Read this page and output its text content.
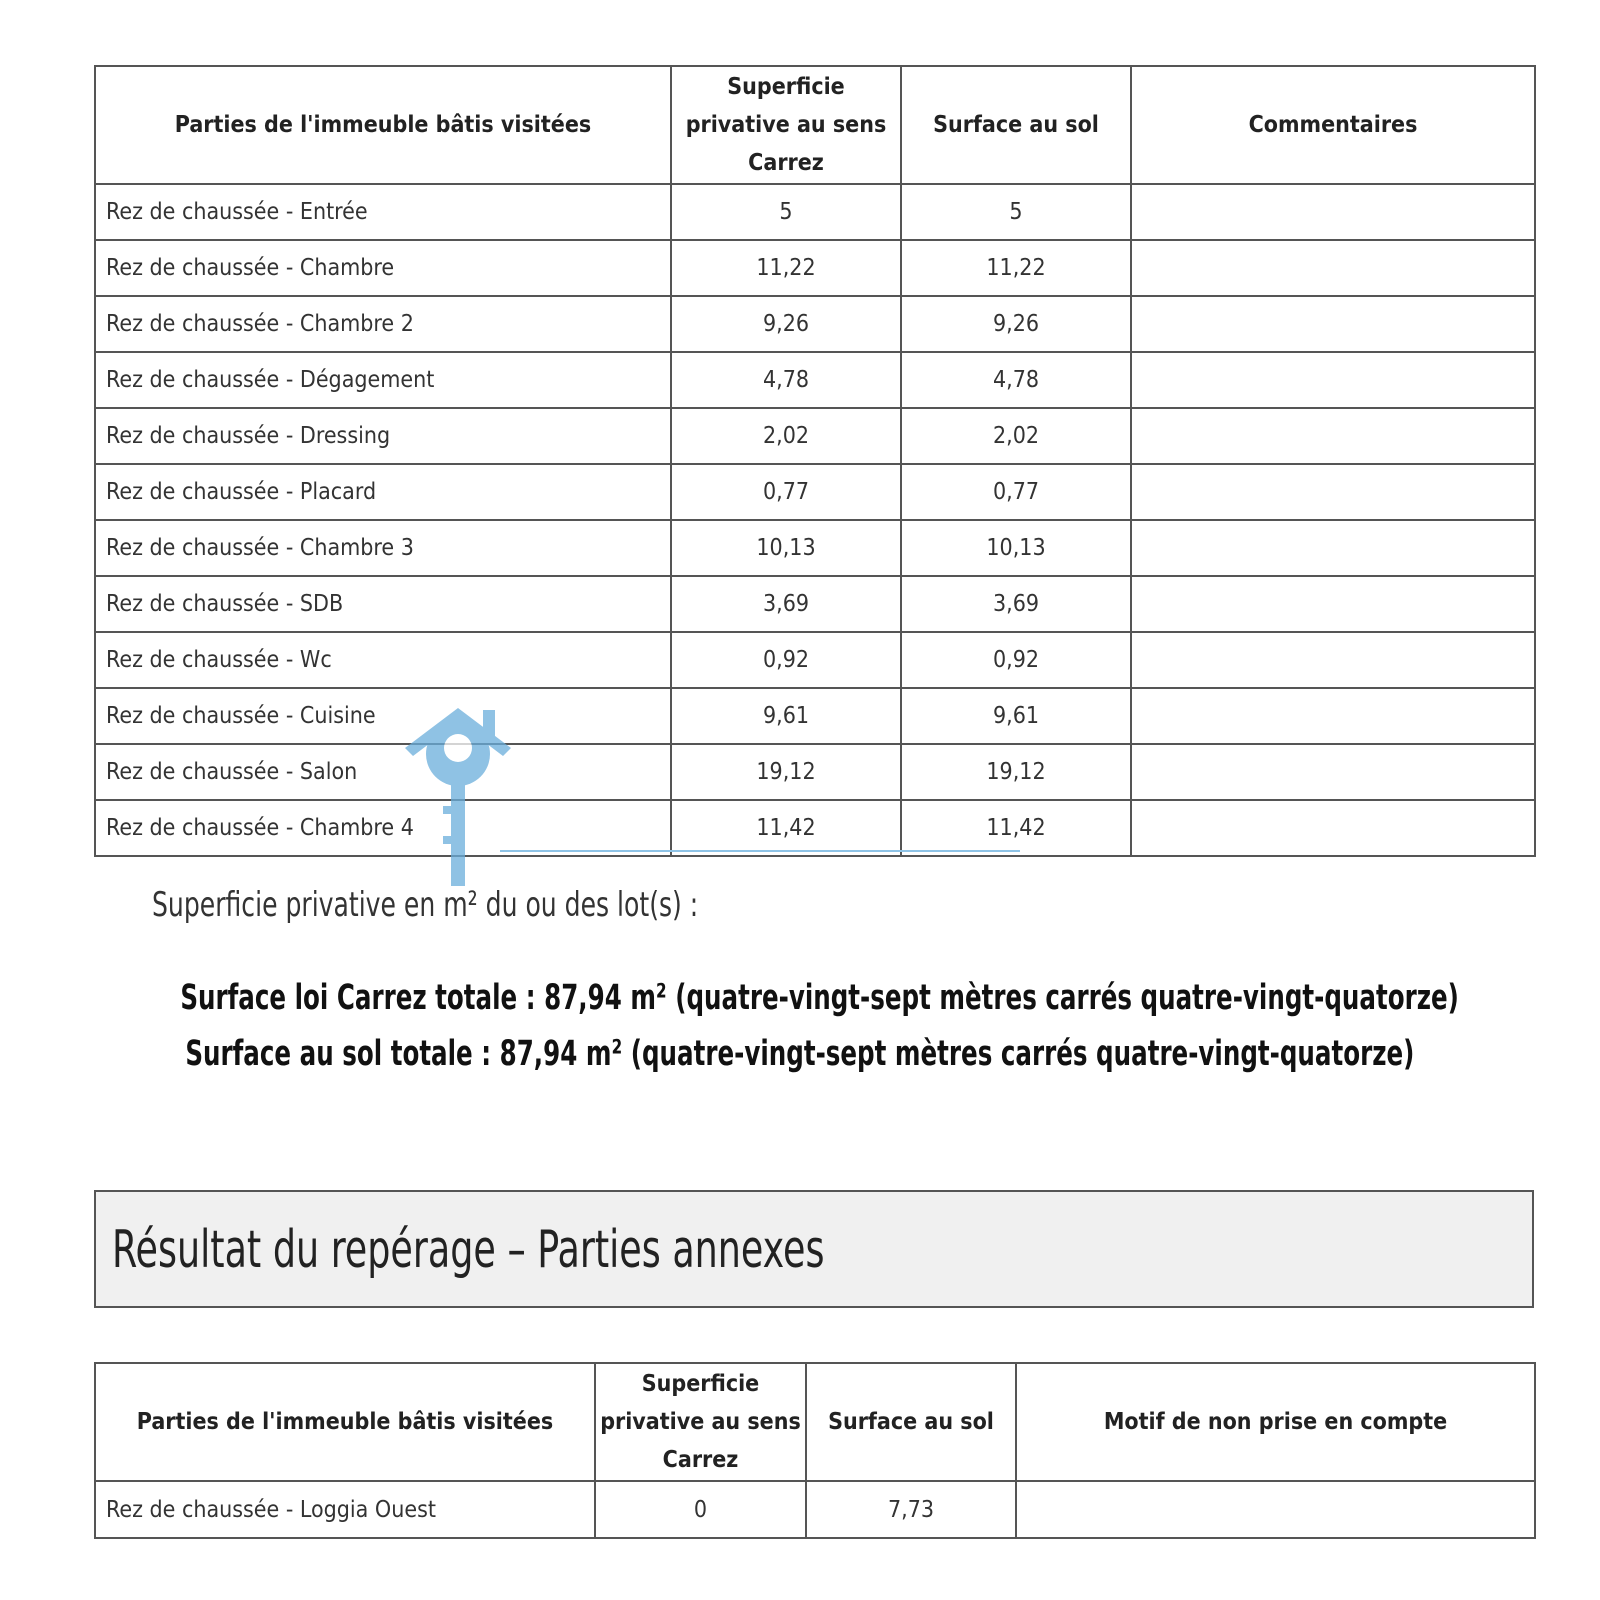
Parties de l'immeuble bâtis visitées	Superficie privative au sens Carrez	Surface au sol	Commentaires
Rez de chaussée - Entrée	5	5	
Rez de chaussée - Chambre	11,22	11,22	
Rez de chaussée - Chambre 2	9,26	9,26	
Rez de chaussée - Dégagement	4,78	4,78	
Rez de chaussée - Dressing	2,02	2,02	
Rez de chaussée - Placard	0,77	0,77	
Rez de chaussée - Chambre 3	10,13	10,13	
Rez de chaussée - SDB	3,69	3,69	
Rez de chaussée - Wc	0,92	0,92	
Rez de chaussée - Cuisine	9,61	9,61	
Rez de chaussée - Salon	19,12	19,12	
Rez de chaussée - Chambre 4	11,42	11,42	
Superficie privative en m² du ou des lot(s) :
Surface loi Carrez totale : 87,94 m² (quatre-vingt-sept mètres carrés quatre-vingt-quatorze)
Surface au sol totale : 87,94 m² (quatre-vingt-sept mètres carrés quatre-vingt-quatorze)
Résultat du repérage – Parties annexes
Parties de l'immeuble bâtis visitées	Superficie privative au sens Carrez	Surface au sol	Motif de non prise en compte
Rez de chaussée - Loggia Ouest	0	7,73	
